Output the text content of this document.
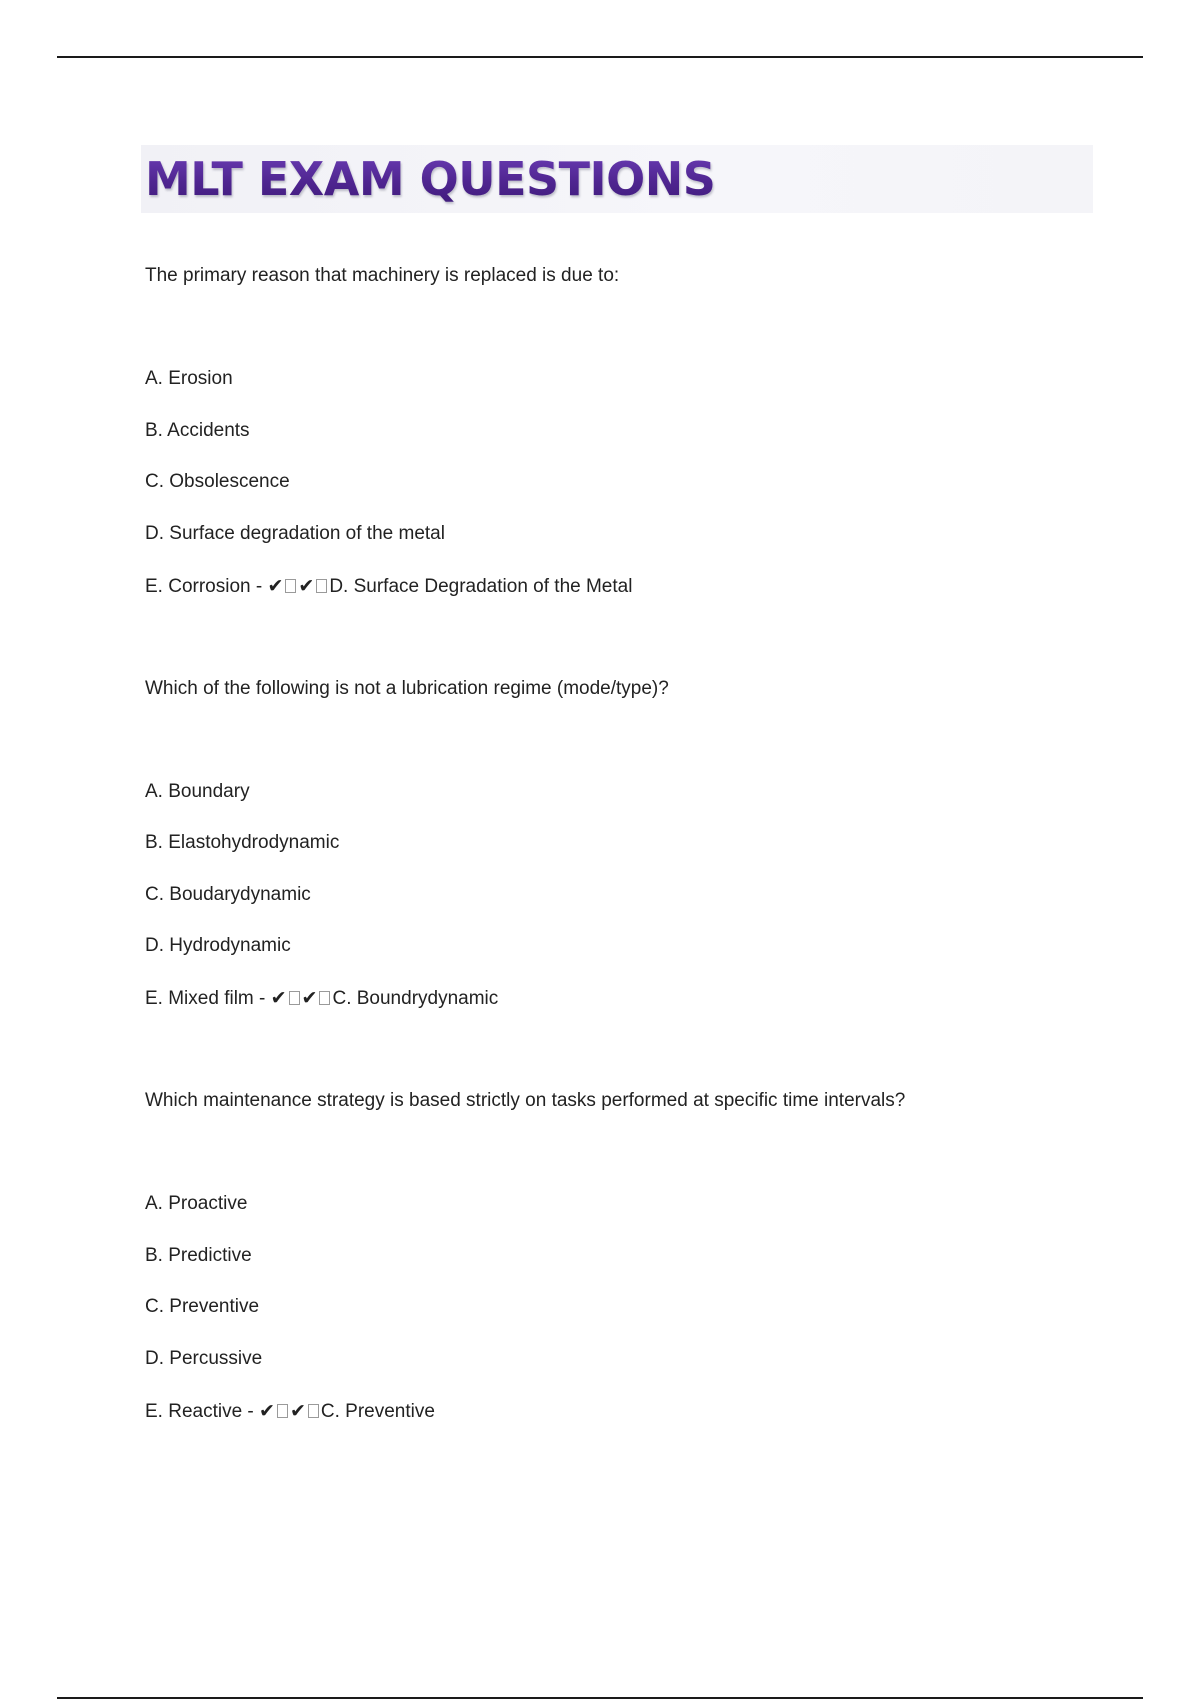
MLT EXAM QUESTIONS

The primary reason that machinery is replaced is due to:

A. Erosion

B. Accidents

C. Obsolescence

D. Surface degradation of the metal

E. Corrosion - ✔ ✔ D. Surface Degradation of the Metal

Which of the following is not a lubrication regime (mode/type)?

A. Boundary

B. Elastohydrodynamic

C. Boudarydynamic

D. Hydrodynamic

E. Mixed film - ✔ ✔ C. Boundrydynamic

Which maintenance strategy is based strictly on tasks performed at specific time intervals?

A. Proactive

B. Predictive

C. Preventive

D. Percussive

E. Reactive - ✔ ✔ C. Preventive
